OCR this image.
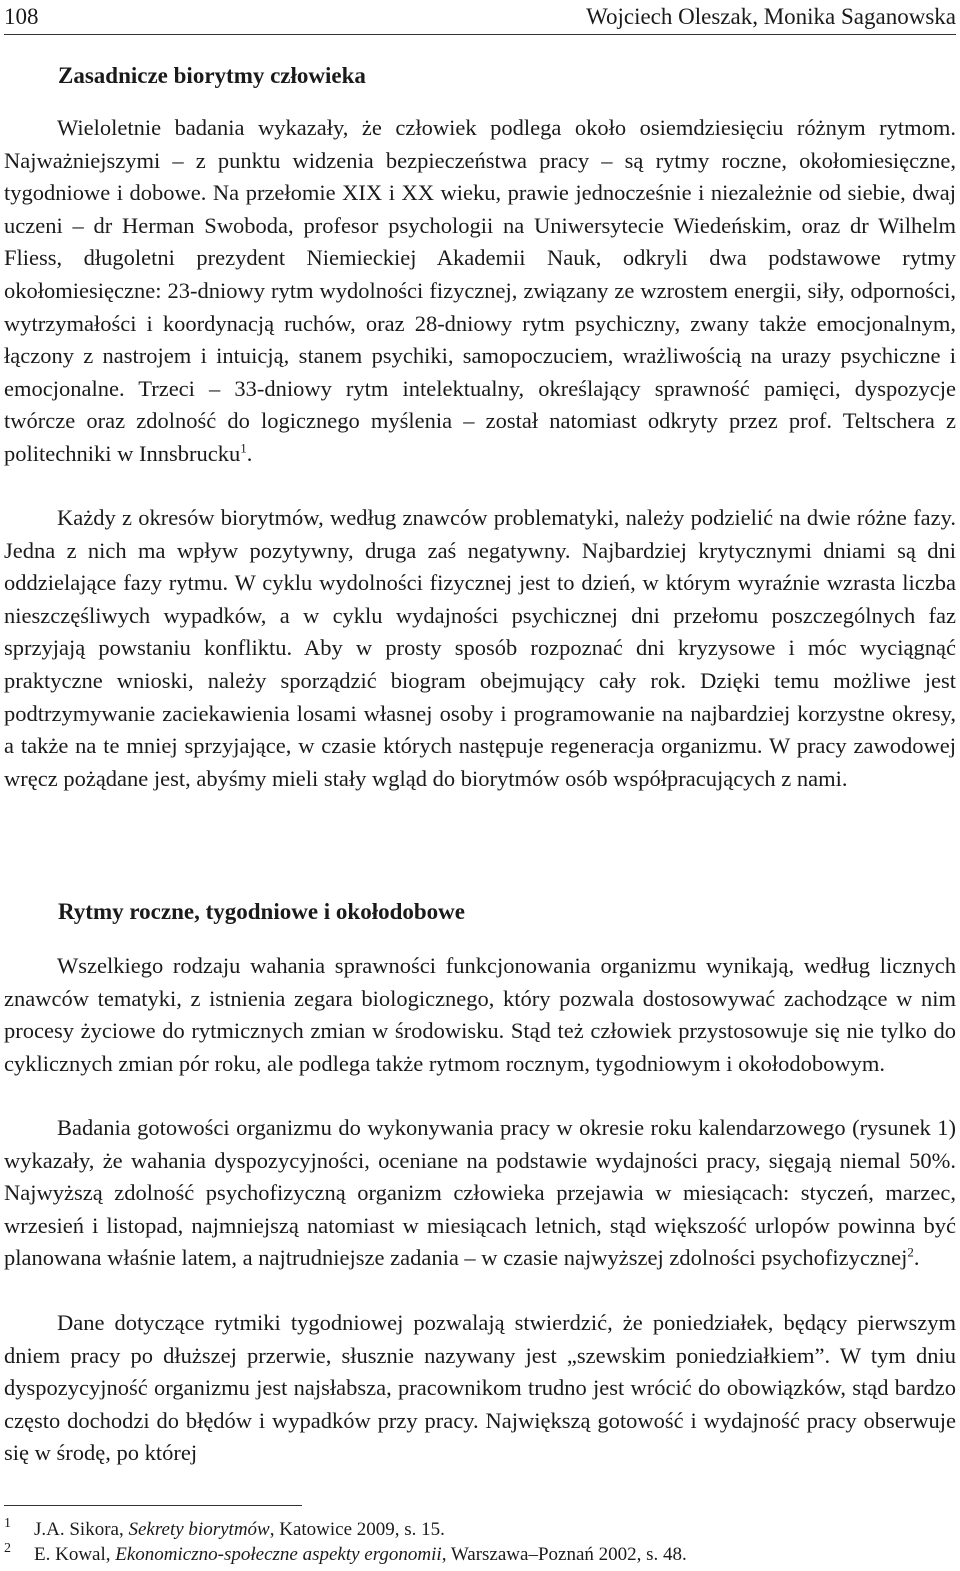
108	Wojciech Oleszak, Monika Saganowska
Zasadnicze biorytmy człowieka

Wieloletnie badania wykazały, że człowiek podlega około osiemdziesięciu różnym rytmom. Najważniejszymi – z punktu widzenia bezpieczeństwa pracy – są rytmy roczne, okołomiesięczne, tygodniowe i dobowe. Na przełomie XIX i XX wieku, prawie jednocześnie i niezależnie od siebie, dwaj uczeni – dr Herman Swoboda, profesor psychologii na Uniwersytecie Wiedeńskim, oraz dr Wilhelm Fliess, długoletni prezydent Niemieckiej Akademii Nauk, odkryli dwa podstawowe rytmy okołomiesięczne: 23-dniowy rytm wydolności fizycznej, związany ze wzrostem energii, siły, odporności, wytrzymałości i koordynacją ruchów, oraz 28-dniowy rytm psychiczny, zwany także emocjonalnym, łączony z nastrojem i intuicją, stanem psychiki, samopoczuciem, wrażliwością na urazy psychiczne i emocjonalne. Trzeci – 33-dniowy rytm intelektualny, określający sprawność pamięci, dyspozycje twórcze oraz zdolność do logicznego myślenia – został natomiast odkryty przez prof. Teltschera z politechniki w Innsbrucku$^1$.

Każdy z okresów biorytmów, według znawców problematyki, należy podzielić na dwie różne fazy. Jedna z nich ma wpływ pozytywny, druga zaś negatywny. Najbardziej krytycznymi dniami są dni oddzielające fazy rytmu. W cyklu wydolności fizycznej jest to dzień, w którym wyraźnie wzrasta liczba nieszczęśliwych wypadków, a w cyklu wydajności psychicznej dni przełomu poszczególnych faz sprzyjają powstaniu konfliktu. Aby w prosty sposób rozpoznać dni kryzysowe i móc wyciągnąć praktyczne wnioski, należy sporządzić biogram obejmujący cały rok. Dzięki temu możliwe jest podtrzymywanie zaciekawienia losami własnej osoby i programowanie na najbardziej korzystne okresy, a także na te mniej sprzyjające, w czasie których następuje regeneracja organizmu. W pracy zawodowej wręcz pożądane jest, abyśmy mieli stały wgląd do biorytmów osób współpracujących z nami.

Rytmy roczne, tygodniowe i okołodobowe

Wszelkiego rodzaju wahania sprawności funkcjonowania organizmu wynikają, według licznych znawców tematyki, z istnienia zegara biologicznego, który pozwala dostosowywać zachodzące w nim procesy życiowe do rytmicznych zmian w środowisku. Stąd też człowiek przystosowuje się nie tylko do cyklicznych zmian pór roku, ale podlega także rytmom rocznym, tygodniowym i okołodobowym.

Badania gotowości organizmu do wykonywania pracy w okresie roku kalendarzowego (rysunek 1) wykazały, że wahania dyspozycyjności, oceniane na podstawie wydajności pracy, sięgają niemal 50%. Najwyższą zdolność psychofizyczną organizm człowieka przejawia w miesiącach: styczeń, marzec, wrzesień i listopad, najmniejszą natomiast w miesiącach letnich, stąd większość urlopów powinna być planowana właśnie latem, a najtrudniejsze zadania – w czasie najwyższej zdolności psychofizycznej$^2$.

Dane dotyczące rytmiki tygodniowej pozwalają stwierdzić, że poniedziałek, będący pierwszym dniem pracy po dłuższej przerwie, słusznie nazywany jest „szewskim poniedziałkiem”. W tym dniu dyspozycyjność organizmu jest najsłabsza, pracownikom trudno jest wrócić do obowiązków, stąd bardzo często dochodzi do błędów i wypadków przy pracy. Największą gotowość i wydajność pracy obserwuje się w środę, po której

1 J.A. Sikora, Sekrety biorytmów, Katowice 2009, s. 15.
2 E. Kowal, Ekonomiczno-społeczne aspekty ergonomii, Warszawa–Poznań 2002, s. 48.
